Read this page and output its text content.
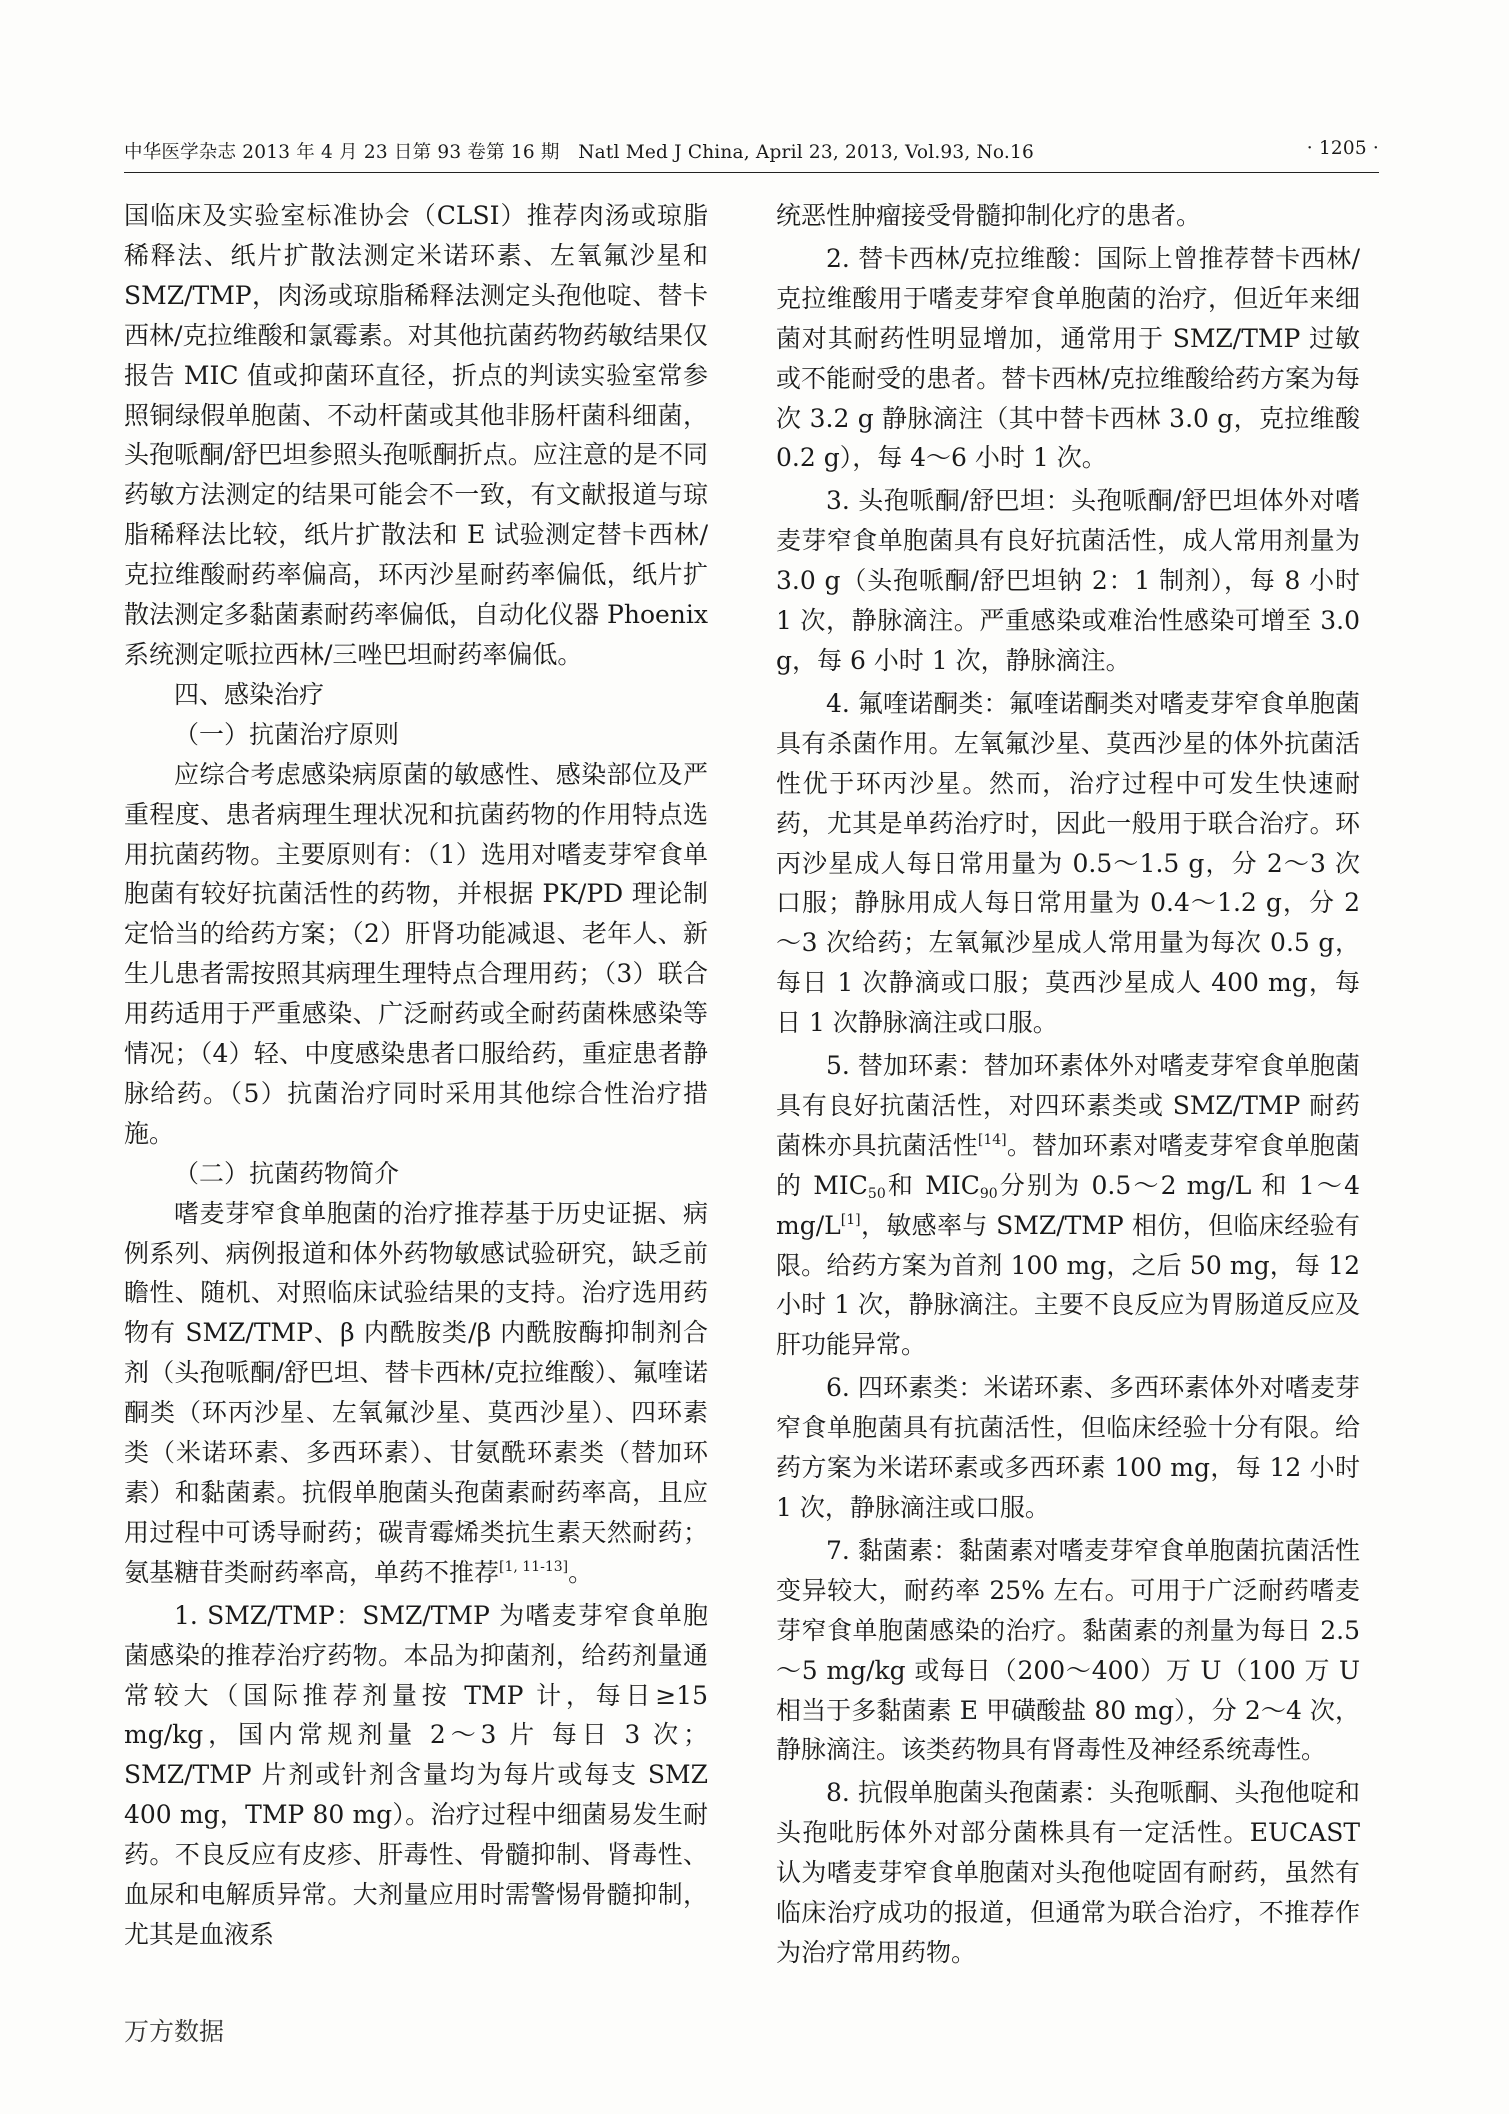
中华医学杂志 2013 年 4 月 23 日第 93 卷第 16 期　Natl Med J China, April 23, 2013, Vol.93, No.16	· 1205 ·

国临床及实验室标准协会（CLSI）推荐肉汤或琼脂稀释法、纸片扩散法测定米诺环素、左氧氟沙星和SMZ/TMP，肉汤或琼脂稀释法测定头孢他啶、替卡西林/克拉维酸和氯霉素。对其他抗菌药物药敏结果仅报告 MIC 值或抑菌环直径，折点的判读实验室常参照铜绿假单胞菌、不动杆菌或其他非肠杆菌科细菌，头孢哌酮/舒巴坦参照头孢哌酮折点。应注意的是不同药敏方法测定的结果可能会不一致，有文献报道与琼脂稀释法比较，纸片扩散法和 E 试验测定替卡西林/克拉维酸耐药率偏高，环丙沙星耐药率偏低，纸片扩散法测定多黏菌素耐药率偏低，自动化仪器 Phoenix 系统测定哌拉西林/三唑巴坦耐药率偏低。

四、感染治疗

（一）抗菌治疗原则

应综合考虑感染病原菌的敏感性、感染部位及严重程度、患者病理生理状况和抗菌药物的作用特点选用抗菌药物。主要原则有：（1）选用对嗜麦芽窄食单胞菌有较好抗菌活性的药物，并根据 PK/PD 理论制定恰当的给药方案；（2）肝肾功能减退、老年人、新生儿患者需按照其病理生理特点合理用药；（3）联合用药适用于严重感染、广泛耐药或全耐药菌株感染等情况；（4）轻、中度感染患者口服给药，重症患者静脉给药。（5）抗菌治疗同时采用其他综合性治疗措施。

（二）抗菌药物简介

嗜麦芽窄食单胞菌的治疗推荐基于历史证据、病例系列、病例报道和体外药物敏感试验研究，缺乏前瞻性、随机、对照临床试验结果的支持。治疗选用药物有 SMZ/TMP、β 内酰胺类/β 内酰胺酶抑制剂合剂（头孢哌酮/舒巴坦、替卡西林/克拉维酸）、氟喹诺酮类（环丙沙星、左氧氟沙星、莫西沙星）、四环素类（米诺环素、多西环素）、甘氨酰环素类（替加环素）和黏菌素。抗假单胞菌头孢菌素耐药率高，且应用过程中可诱导耐药；碳青霉烯类抗生素天然耐药；氨基糖苷类耐药率高，单药不推荐[1, 11-13]。

1. SMZ/TMP：SMZ/TMP 为嗜麦芽窄食单胞菌感染的推荐治疗药物。本品为抑菌剂，给药剂量通常较大（国际推荐剂量按 TMP 计，每日≥15 mg/kg，国内常规剂量 2～3 片 每日 3 次；SMZ/TMP 片剂或针剂含量均为每片或每支 SMZ 400 mg，TMP 80 mg）。治疗过程中细菌易发生耐药。不良反应有皮疹、肝毒性、骨髓抑制、肾毒性、血尿和电解质异常。大剂量应用时需警惕骨髓抑制，尤其是血液系

统恶性肿瘤接受骨髓抑制化疗的患者。

2. 替卡西林/克拉维酸：国际上曾推荐替卡西林/克拉维酸用于嗜麦芽窄食单胞菌的治疗，但近年来细菌对其耐药性明显增加，通常用于 SMZ/TMP 过敏或不能耐受的患者。替卡西林/克拉维酸给药方案为每次 3.2 g 静脉滴注（其中替卡西林 3.0 g，克拉维酸 0.2 g），每 4～6 小时 1 次。

3. 头孢哌酮/舒巴坦：头孢哌酮/舒巴坦体外对嗜麦芽窄食单胞菌具有良好抗菌活性，成人常用剂量为 3.0 g（头孢哌酮/舒巴坦钠 2：1 制剂），每 8 小时 1 次，静脉滴注。严重感染或难治性感染可增至 3.0 g，每 6 小时 1 次，静脉滴注。

4. 氟喹诺酮类：氟喹诺酮类对嗜麦芽窄食单胞菌具有杀菌作用。左氧氟沙星、莫西沙星的体外抗菌活性优于环丙沙星。然而，治疗过程中可发生快速耐药，尤其是单药治疗时，因此一般用于联合治疗。环丙沙星成人每日常用量为 0.5～1.5 g，分 2～3 次口服；静脉用成人每日常用量为 0.4～1.2 g，分 2～3 次给药；左氧氟沙星成人常用量为每次 0.5 g，每日 1 次静滴或口服；莫西沙星成人 400 mg，每日 1 次静脉滴注或口服。

5. 替加环素：替加环素体外对嗜麦芽窄食单胞菌具有良好抗菌活性，对四环素类或 SMZ/TMP 耐药菌株亦具抗菌活性[14]。替加环素对嗜麦芽窄食单胞菌的 $MIC_{50}$和 $MIC_{90}$分别为 0.5～2 mg/L 和 1～4 mg/L[1]，敏感率与 SMZ/TMP 相仿，但临床经验有限。给药方案为首剂 100 mg，之后 50 mg，每 12 小时 1 次，静脉滴注。主要不良反应为胃肠道反应及肝功能异常。

6. 四环素类：米诺环素、多西环素体外对嗜麦芽窄食单胞菌具有抗菌活性，但临床经验十分有限。给药方案为米诺环素或多西环素 100 mg，每 12 小时 1 次，静脉滴注或口服。

7. 黏菌素：黏菌素对嗜麦芽窄食单胞菌抗菌活性变异较大，耐药率 25% 左右。可用于广泛耐药嗜麦芽窄食单胞菌感染的治疗。黏菌素的剂量为每日 2.5～5 mg/kg 或每日（200～400）万 U（100 万 U 相当于多黏菌素 E 甲磺酸盐 80 mg），分 2～4 次，静脉滴注。该类药物具有肾毒性及神经系统毒性。

8. 抗假单胞菌头孢菌素：头孢哌酮、头孢他啶和头孢吡肟体外对部分菌株具有一定活性。EUCAST 认为嗜麦芽窄食单胞菌对头孢他啶固有耐药，虽然有临床治疗成功的报道，但通常为联合治疗，不推荐作为治疗常用药物。

万方数据
